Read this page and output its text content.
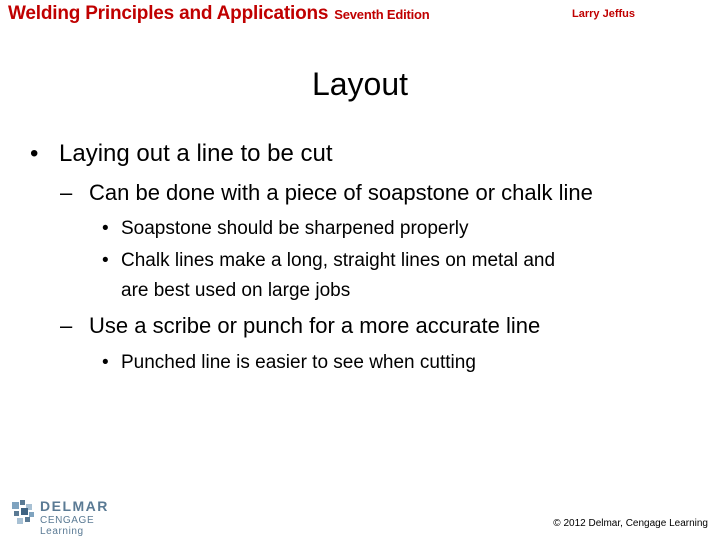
Welding Principles and Applications Seventh Edition	Larry Jeffus
Layout
• Laying out a line to be cut
– Can be done with a piece of soapstone or chalk line
• Soapstone should be sharpened properly
• Chalk lines make a long, straight lines on metal and
are best used on large jobs
– Use a scribe or punch for a more accurate line
• Punched line is easier to see when cutting
DELMAR
CENGAGE Learning
© 2012 Delmar, Cengage Learning
